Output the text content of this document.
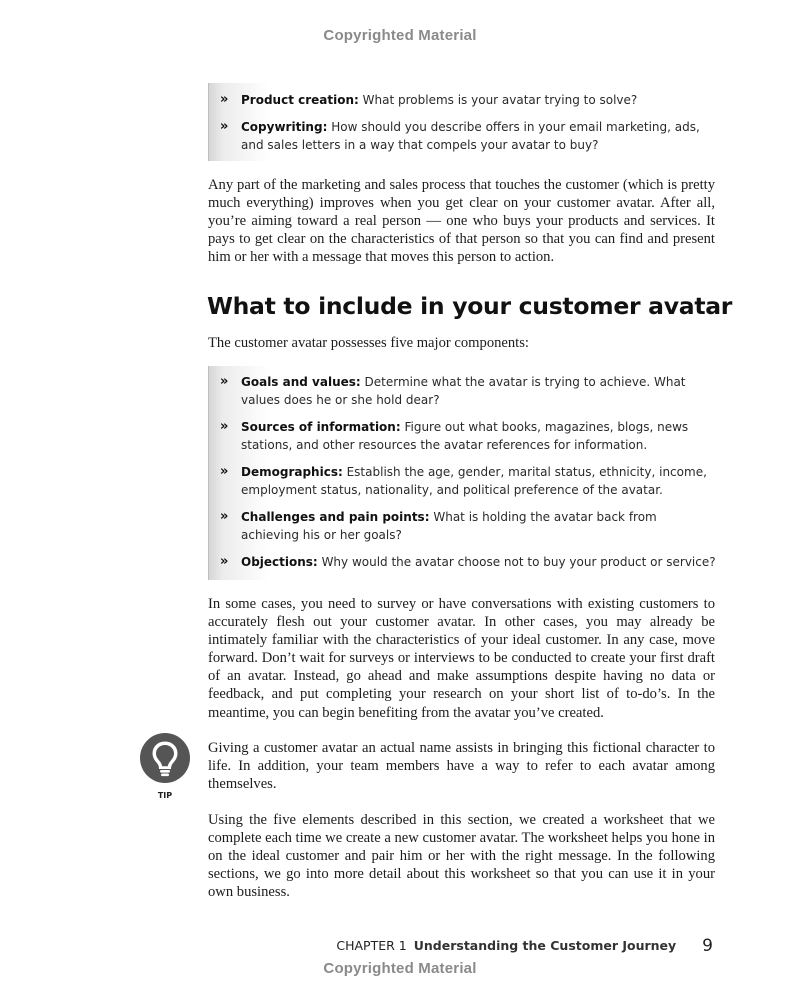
Copyrighted Material
» Product creation: What problems is your avatar trying to solve?
» Copywriting: How should you describe offers in your email marketing, ads, and sales letters in a way that compels your avatar to buy?
Any part of the marketing and sales process that touches the customer (which is pretty much everything) improves when you get clear on your customer avatar. After all, you’re aiming toward a real person — one who buys your products and services. It pays to get clear on the characteristics of that person so that you can find and present him or her with a message that moves this person to action.
What to include in your customer avatar
The customer avatar possesses five major components:
» Goals and values: Determine what the avatar is trying to achieve. What values does he or she hold dear?
» Sources of information: Figure out what books, magazines, blogs, news stations, and other resources the avatar references for information.
» Demographics: Establish the age, gender, marital status, ethnicity, income, employment status, nationality, and political preference of the avatar.
» Challenges and pain points: What is holding the avatar back from achieving his or her goals?
» Objections: Why would the avatar choose not to buy your product or service?
In some cases, you need to survey or have conversations with existing customers to accurately flesh out your customer avatar. In other cases, you may already be intimately familiar with the characteristics of your ideal customer. In any case, move forward. Don’t wait for surveys or interviews to be conducted to create your first draft of an avatar. Instead, go ahead and make assumptions despite having no data or feedback, and put completing your research on your short list of to-do’s. In the meantime, you can begin benefiting from the avatar you’ve created.
TIP
Giving a customer avatar an actual name assists in bringing this fictional character to life. In addition, your team members have a way to refer to each avatar among themselves.
Using the five elements described in this section, we created a worksheet that we complete each time we create a new customer avatar. The worksheet helps you hone in on the ideal customer and pair him or her with the right message. In the following sections, we go into more detail about this worksheet so that you can use it in your own business.
CHAPTER 1 Understanding the Customer Journey 9
Copyrighted Material
